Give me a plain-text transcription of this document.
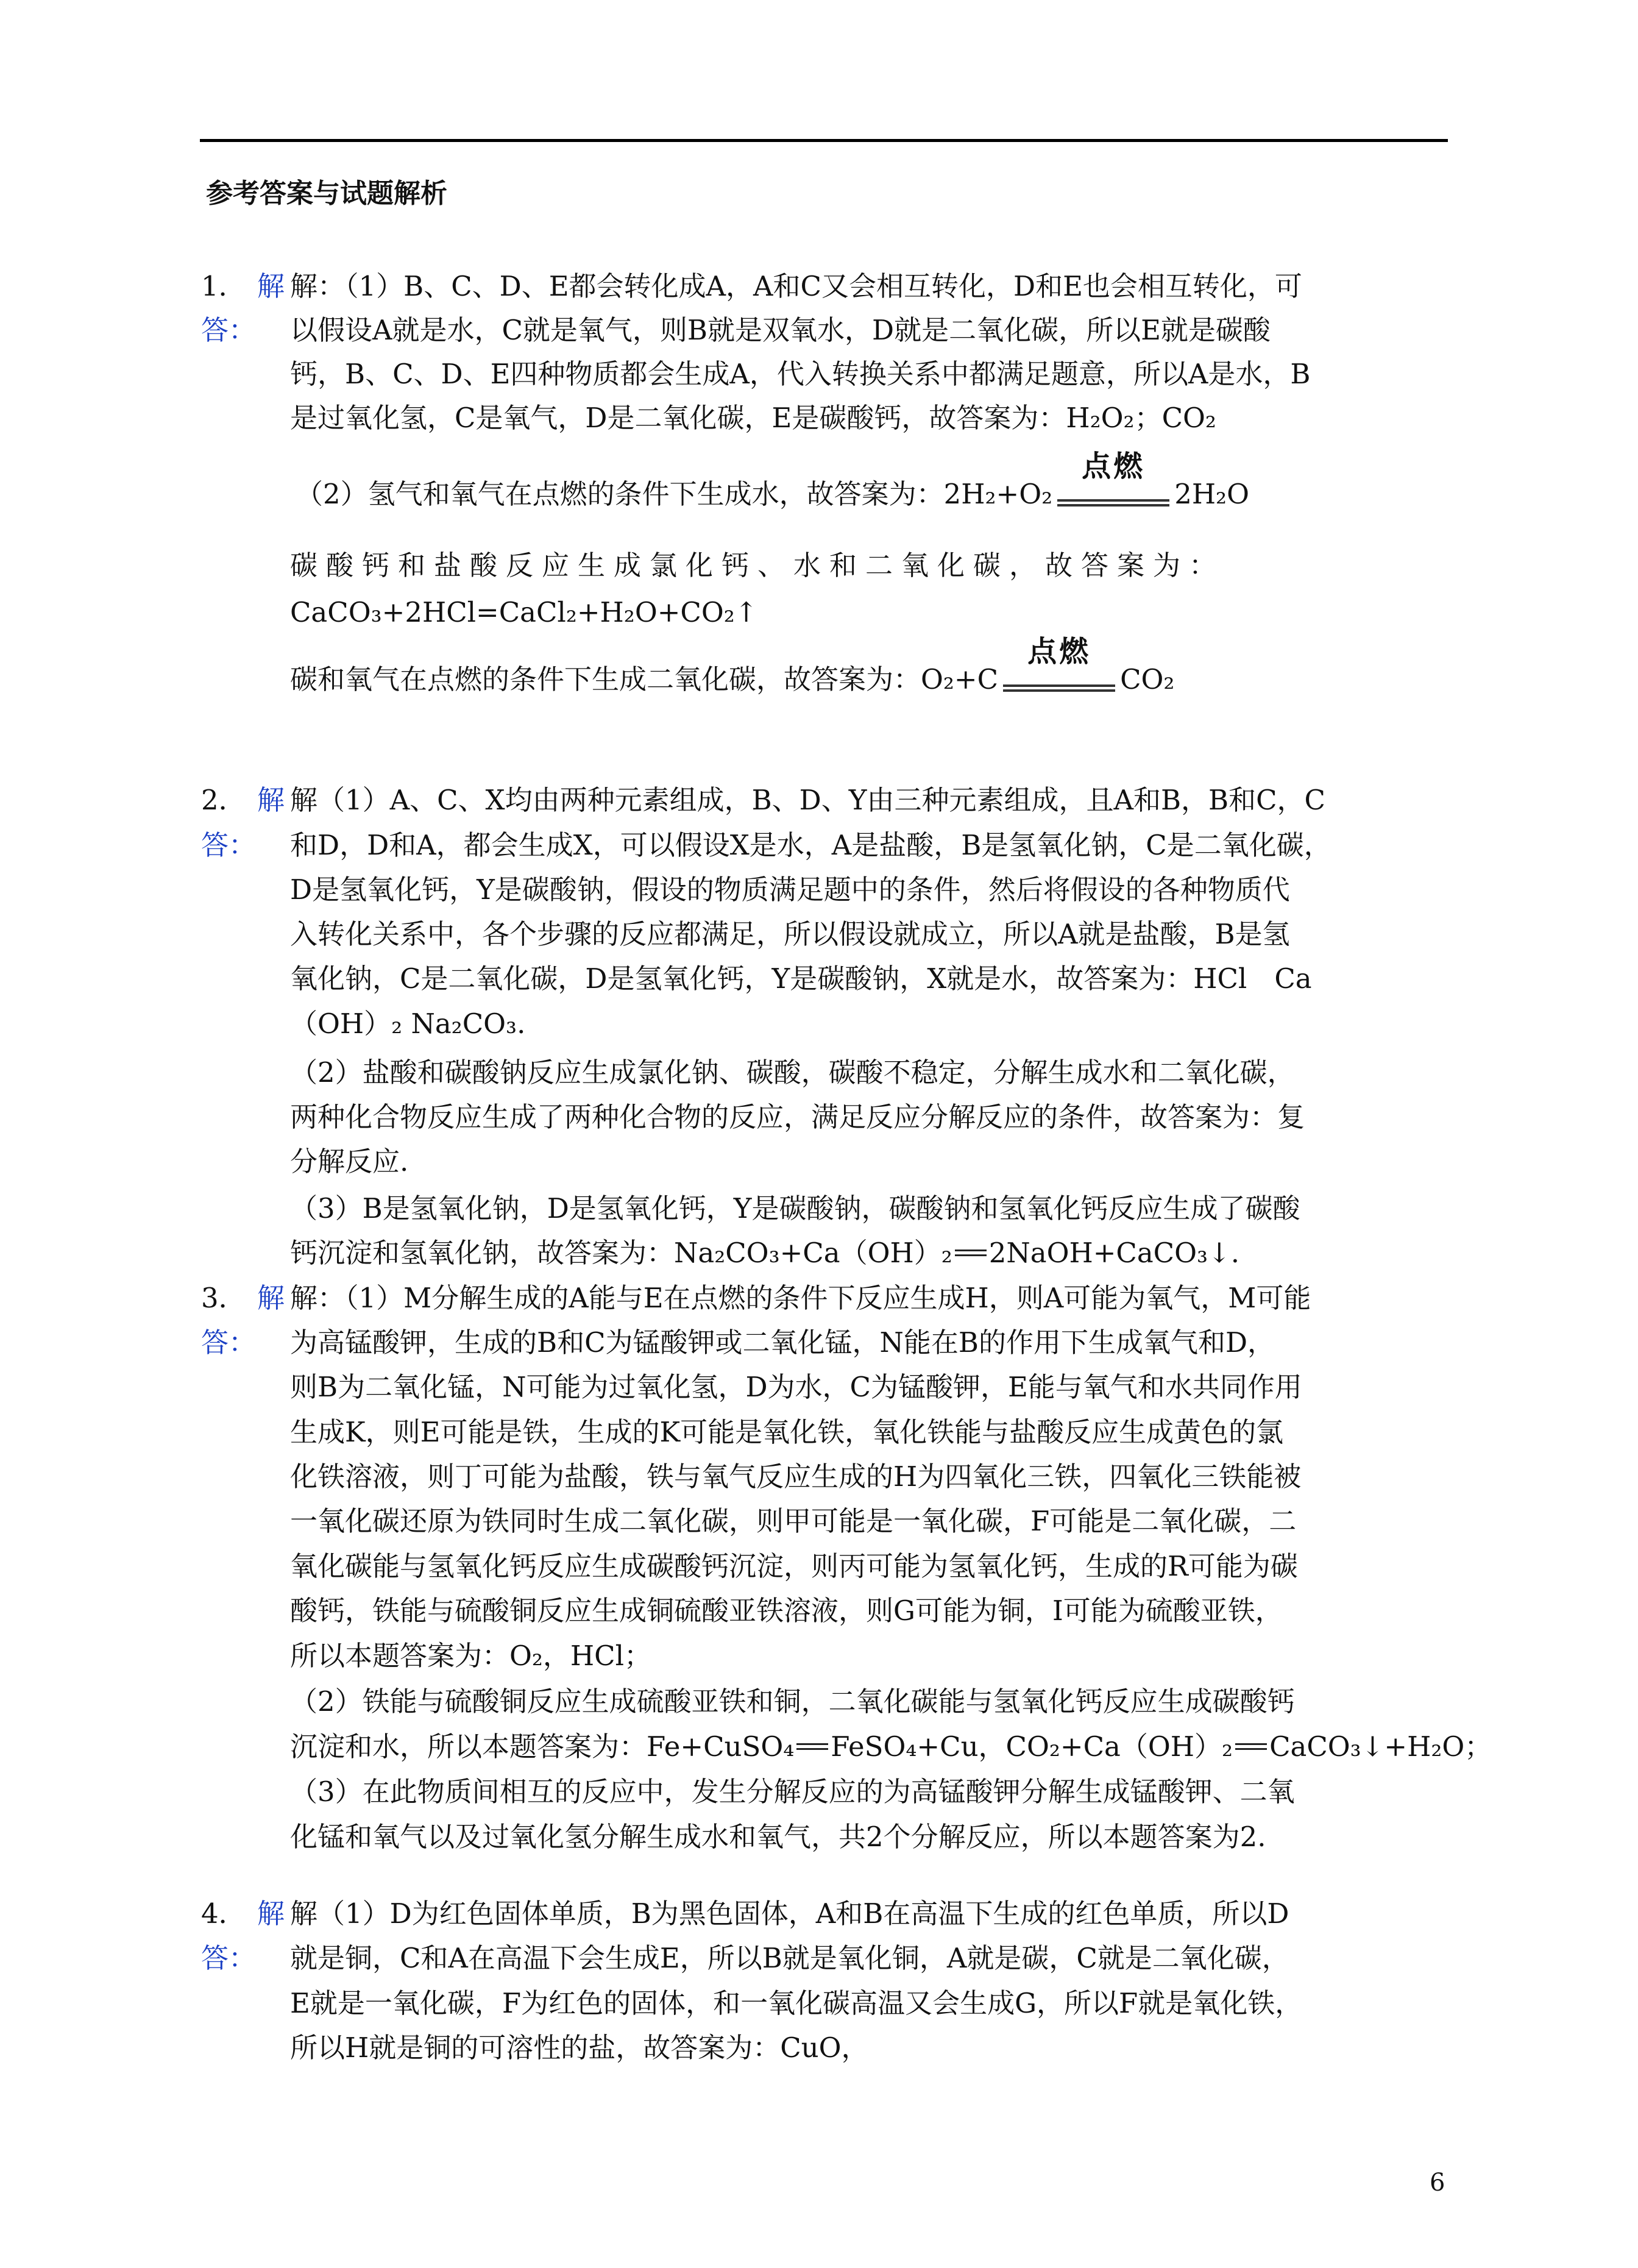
参考答案与试题解析
1． 解 解：（1）B、C、D、E都会转化成A，A和C又会相互转化，D和E也会相互转化，可
答： 以假设A就是水，C就是氧气，则B就是双氧水，D就是二氧化碳，所以E就是碳酸
钙，B、C、D、E四种物质都会生成A，代入转换关系中都满足题意，所以A是水，B
是过氧化氢，C是氧气，D是二氧化碳，E是碳酸钙，故答案为：H₂O₂；CO₂
（2）氢气和氧气在点燃的条件下生成水，故答案为：2H₂+O₂
点燃
2H₂O
碳酸钙和盐酸反应生成氯化钙、水和二氧化碳，故答案为：
CaCO₃+2HCl=CaCl₂+H₂O+CO₂↑
碳和氧气在点燃的条件下生成二氧化碳，故答案为：O₂+C
点燃
CO₂
2． 解 解（1）A、C、X均由两种元素组成，B、D、Y由三种元素组成，且A和B，B和C，C
答： 和D，D和A，都会生成X，可以假设X是水，A是盐酸，B是氢氧化钠，C是二氧化碳，
D是氢氧化钙，Y是碳酸钠，假设的物质满足题中的条件，然后将假设的各种物质代
入转化关系中，各个步骤的反应都满足，所以假设就成立，所以A就是盐酸，B是氢
氧化钠，C是二氧化碳，D是氢氧化钙，Y是碳酸钠，X就是水，故答案为：HCl　Ca
（OH）₂ Na₂CO₃.
（2）盐酸和碳酸钠反应生成氯化钠、碳酸，碳酸不稳定，分解生成水和二氧化碳，
两种化合物反应生成了两种化合物的反应，满足反应分解反应的条件，故答案为：复
分解反应.
（3）B是氢氧化钠，D是氢氧化钙，Y是碳酸钠，碳酸钠和氢氧化钙反应生成了碳酸
钙沉淀和氢氧化钠，故答案为：Na₂CO₃+Ca（OH）₂ 2NaOH+CaCO₃↓.
3． 解 解：（1）M分解生成的A能与E在点燃的条件下反应生成H，则A可能为氧气，M可能
答： 为高锰酸钾，生成的B和C为锰酸钾或二氧化锰，N能在B的作用下生成氧气和D，
则B为二氧化锰，N可能为过氧化氢，D为水，C为锰酸钾，E能与氧气和水共同作用
生成K，则E可能是铁，生成的K可能是氧化铁，氧化铁能与盐酸反应生成黄色的氯
化铁溶液，则丁可能为盐酸，铁与氧气反应生成的H为四氧化三铁，四氧化三铁能被
一氧化碳还原为铁同时生成二氧化碳，则甲可能是一氧化碳，F可能是二氧化碳，二
氧化碳能与氢氧化钙反应生成碳酸钙沉淀，则丙可能为氢氧化钙，生成的R可能为碳
酸钙，铁能与硫酸铜反应生成铜硫酸亚铁溶液，则G可能为铜，I可能为硫酸亚铁，
所以本题答案为：O₂，HCl；
（2）铁能与硫酸铜反应生成硫酸亚铁和铜，二氧化碳能与氢氧化钙反应生成碳酸钙
沉淀和水，所以本题答案为：Fe+CuSO₄ FeSO₄+Cu，CO₂+Ca（OH）₂ CaCO₃↓+H₂O；
（3）在此物质间相互的反应中，发生分解反应的为高锰酸钾分解生成锰酸钾、二氧
化锰和氧气以及过氧化氢分解生成水和氧气，共2个分解反应，所以本题答案为2.
4． 解 解（1）D为红色固体单质，B为黑色固体，A和B在高温下生成的红色单质，所以D
答： 就是铜，C和A在高温下会生成E，所以B就是氧化铜，A就是碳，C就是二氧化碳，
E就是一氧化碳，F为红色的固体，和一氧化碳高温又会生成G，所以F就是氧化铁，
所以H就是铜的可溶性的盐，故答案为：CuO，
6
